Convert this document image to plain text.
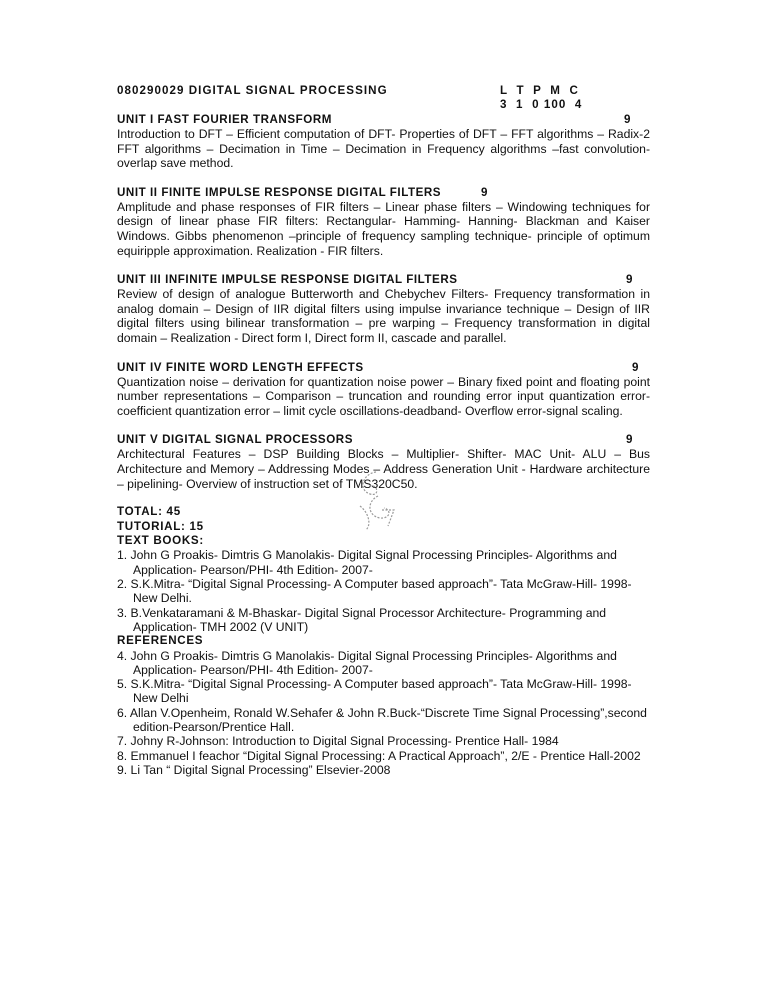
080290029 DIGITAL SIGNAL PROCESSING	L  T  P  M  C
3  1  0 100  4
UNIT I FAST FOURIER TRANSFORM	9
Introduction to DFT – Efficient computation of DFT- Properties of DFT – FFT algorithms – Radix-2 FFT algorithms – Decimation in Time – Decimation in Frequency algorithms –fast convolution- overlap save method.
UNIT II FINITE IMPULSE RESPONSE DIGITAL FILTERS	9
Amplitude and phase responses of FIR filters – Linear phase filters – Windowing techniques for design of linear phase FIR filters: Rectangular- Hamming- Hanning- Blackman and Kaiser Windows. Gibbs phenomenon –principle of frequency sampling technique- principle of optimum equiripple approximation. Realization - FIR filters.
UNIT III INFINITE IMPULSE RESPONSE DIGITAL FILTERS	9
Review of design of analogue Butterworth and Chebychev Filters- Frequency transformation in analog domain – Design of IIR digital filters using impulse invariance technique – Design of IIR digital filters using bilinear transformation – pre warping – Frequency transformation in digital domain – Realization - Direct form I, Direct form II, cascade and parallel.
UNIT IV FINITE WORD LENGTH EFFECTS	9
Quantization noise – derivation for quantization noise power – Binary fixed point and floating point number representations – Comparison – truncation and rounding error input quantization error-coefficient quantization error – limit cycle oscillations-deadband- Overflow error-signal scaling.
UNIT V DIGITAL SIGNAL PROCESSORS	9
Architectural Features – DSP Building Blocks – Multiplier- Shifter- MAC Unit- ALU – Bus Architecture and Memory – Addressing Modes – Address Generation Unit - Hardware architecture – pipelining- Overview of instruction set of TMS320C50.
TOTAL: 45
TUTORIAL: 15
TEXT BOOKS:
1. John G Proakis- Dimtris G Manolakis- Digital Signal Processing Principles- Algorithms and Application- Pearson/PHI- 4th Edition- 2007-
2. S.K.Mitra- “Digital Signal Processing- A Computer based approach”- Tata McGraw-Hill- 1998- New Delhi.
3. B.Venkataramani & M-Bhaskar- Digital Signal Processor Architecture- Programming and Application- TMH 2002 (V UNIT)
REFERENCES
4. John G Proakis- Dimtris G Manolakis- Digital Signal Processing Principles- Algorithms and Application- Pearson/PHI- 4th Edition- 2007-
5. S.K.Mitra- “Digital Signal Processing- A Computer based approach”- Tata McGraw-Hill- 1998- New Delhi
6. Allan V.Openheim, Ronald W.Sehafer & John R.Buck-“Discrete Time Signal Processing”,second edition-Pearson/Prentice Hall.
7. Johny R-Johnson: Introduction to Digital Signal Processing- Prentice Hall- 1984
8. Emmanuel I feachor “Digital Signal Processing: A Practical Approach”, 2/E - Prentice Hall-2002
9. Li Tan “ Digital Signal Processing” Elsevier-2008
